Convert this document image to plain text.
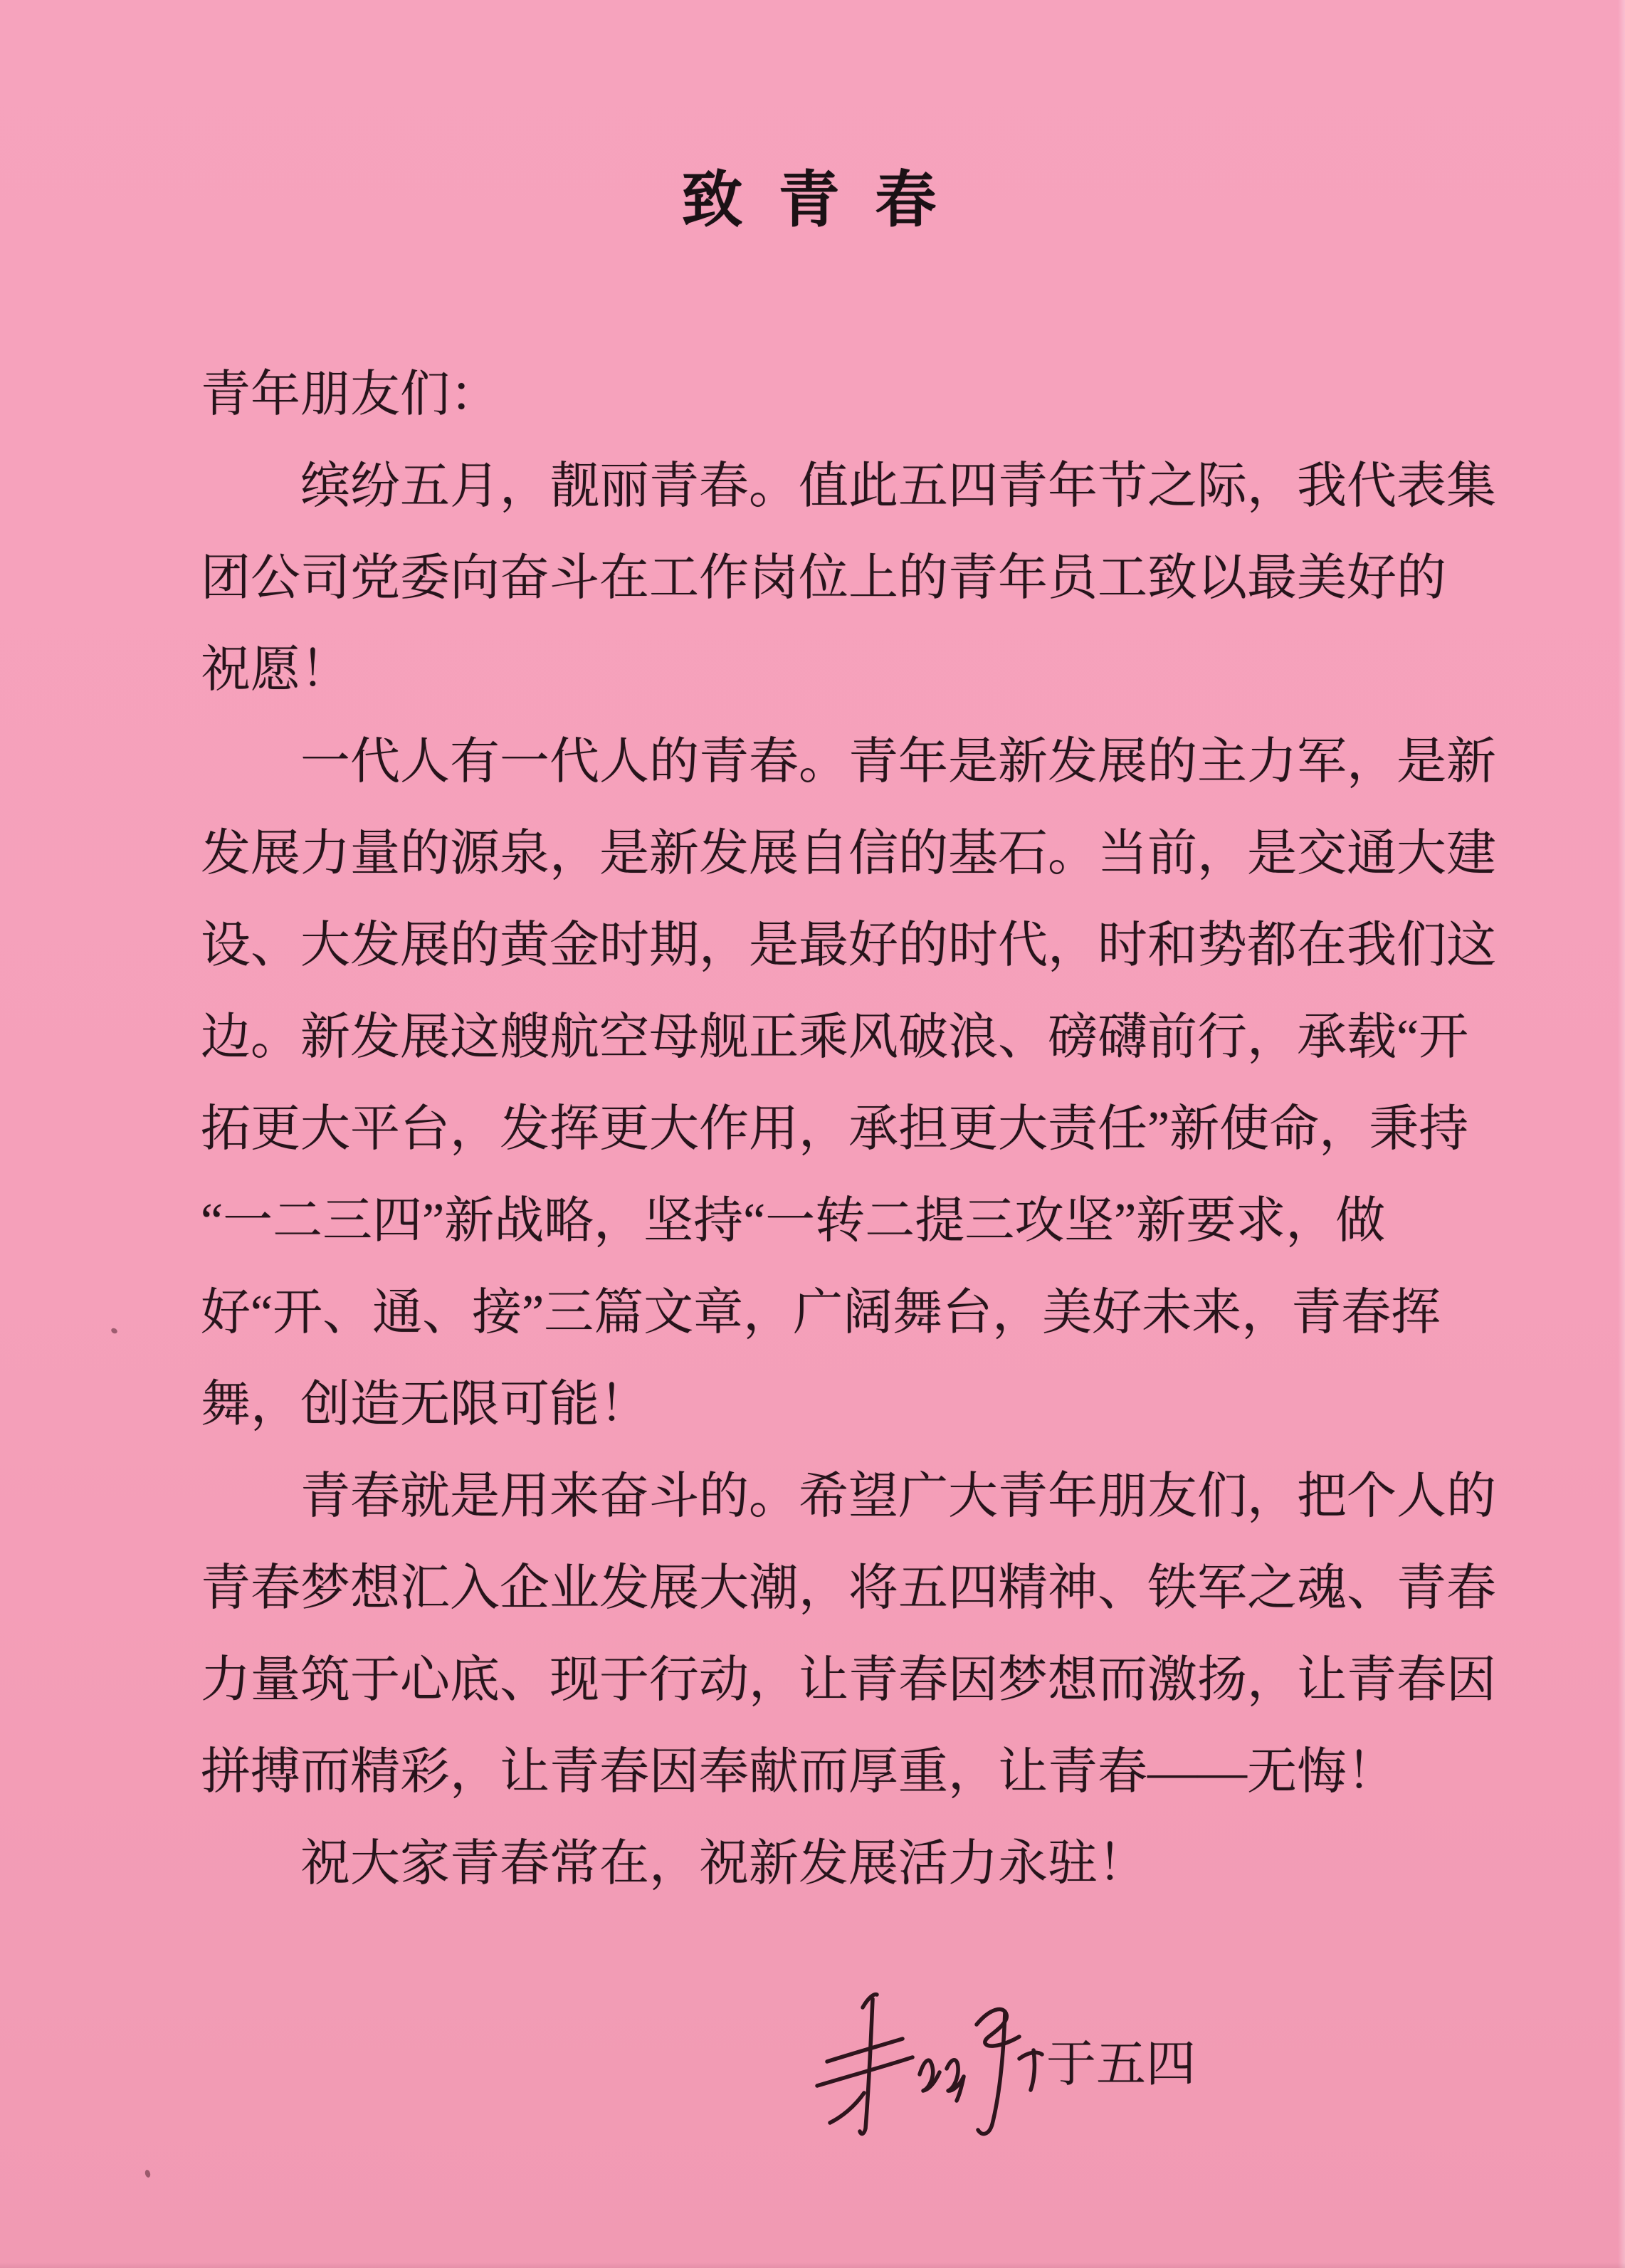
致 青 春
青年朋友们：
缤纷五月，靓丽青春。值此五四青年节之际，我代表集
团公司党委向奋斗在工作岗位上的青年员工致以最美好的
祝愿！
一代人有一代人的青春。青年是新发展的主力军，是新
发展力量的源泉，是新发展自信的基石。当前，是交通大建
设、大发展的黄金时期，是最好的时代，时和势都在我们这
边。新发展这艘航空母舰正乘风破浪、磅礴前行，承载“开
拓更大平台，发挥更大作用，承担更大责任”新使命，秉持
“一二三四”新战略，坚持“一转二提三攻坚”新要求，做
好“开、通、接”三篇文章，广阔舞台，美好未来，青春挥
舞，创造无限可能！
青春就是用来奋斗的。希望广大青年朋友们，把个人的
青春梦想汇入企业发展大潮，将五四精神、铁军之魂、青春
力量筑于心底、现于行动，让青春因梦想而激扬，让青春因
拼搏而精彩，让青春因奉献而厚重，让青春——无悔！
祝大家青春常在，祝新发展活力永驻！
于五四
